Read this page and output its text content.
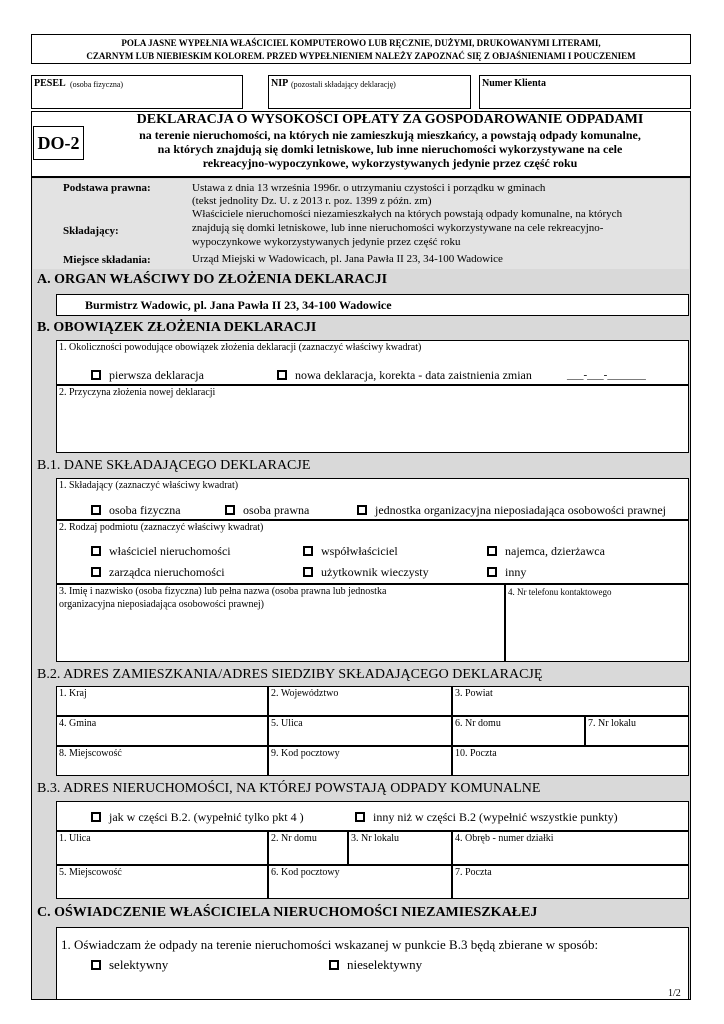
POLA JASNE WYPEŁNIA WŁAŚCICIEL KOMPUTEROWO LUB RĘCZNIE, DUŻYMI, DRUKOWANYMI LITERAMI,
CZARNYM LUB NIEBIESKIM KOLOREM. PRZED WYPEŁNIENIEM NALEŻY ZAPOZNAĆ SIĘ Z OBJAŚNIENIAMI I POUCZENIEM
PESEL (osoba fizyczna)	NIP (pozostali składający deklarację)	Numer Klienta
DO-2
DEKLARACJA O WYSOKOŚCI OPŁATY ZA GOSPODAROWANIE ODPADAMI
na terenie nieruchomości, na których nie zamieszkują mieszkańcy, a powstają odpady komunalne,
na których znajdują się domki letniskowe, lub inne nieruchomości wykorzystywane na cele
rekreacyjno-wypoczynkowe, wykorzystywanych jedynie przez część roku
Podstawa prawna:	Ustawa z dnia 13 września 1996r. o utrzymaniu czystości i porządku w gminach
(tekst jednolity Dz. U. z 2013 r. poz. 1399 z późn. zm)
Właściciele nieruchomości niezamieszkałych na których powstają odpady komunalne, na których
Składający:	znajdują się domki letniskowe, lub inne nieruchomości wykorzystywane na cele rekreacyjno-
wypoczynkowe wykorzystywanych jedynie przez część roku
Miejsce składania:	Urząd Miejski w Wadowicach, pl. Jana Pawła II 23, 34-100 Wadowice
A. ORGAN WŁAŚCIWY DO ZŁOŻENIA DEKLARACJI
Burmistrz Wadowic, pl. Jana Pawła II 23, 34-100 Wadowice
B. OBOWIĄZEK ZŁOŻENIA DEKLARACJI
1. Okoliczności powodujące obowiązek złożenia deklaracji (zaznaczyć właściwy kwadrat)
pierwsza deklaracja	nowa deklaracja, korekta - data zaistnienia zmian	___-___-_______
2. Przyczyna złożenia nowej deklaracji
B.1. DANE SKŁADAJĄCEGO DEKLARACJE
1. Składający (zaznaczyć właściwy kwadrat)
osoba fizyczna	osoba prawna	jednostka organizacyjna nieposiadająca osobowości prawnej
2. Rodzaj podmiotu (zaznaczyć właściwy kwadrat)
właściciel nieruchomości	współwłaściciel	najemca, dzierżawca
zarządca nieruchomości	użytkownik wieczysty	inny
3. Imię i nazwisko (osoba fizyczna) lub pełna nazwa (osoba prawna lub jednostka
organizacyjna nieposiadająca osobowości prawnej)
4. Nr telefonu kontaktowego
B.2. ADRES ZAMIESZKANIA/ADRES SIEDZIBY SKŁADAJĄCEGO DEKLARACJĘ
1. Kraj	2. Województwo	3. Powiat
4. Gmina	5. Ulica	6. Nr domu	7. Nr lokalu
8. Miejscowość	9. Kod pocztowy	10. Poczta
B.3. ADRES NIERUCHOMOŚCI, NA KTÓREJ POWSTAJĄ ODPADY KOMUNALNE
jak w części B.2. (wypełnić tylko pkt 4 )	inny niż w części B.2 (wypełnić wszystkie punkty)
1. Ulica	2. Nr domu	3. Nr lokalu	4. Obręb - numer działki
5. Miejscowość	6. Kod pocztowy	7. Poczta
C. OŚWIADCZENIE WŁAŚCICIELA NIERUCHOMOŚCI NIEZAMIESZKAŁEJ
1. Oświadczam że odpady na terenie nieruchomości wskazanej w punkcie B.3 będą zbierane w sposób:
selektywny	nieselektywny
1/2
